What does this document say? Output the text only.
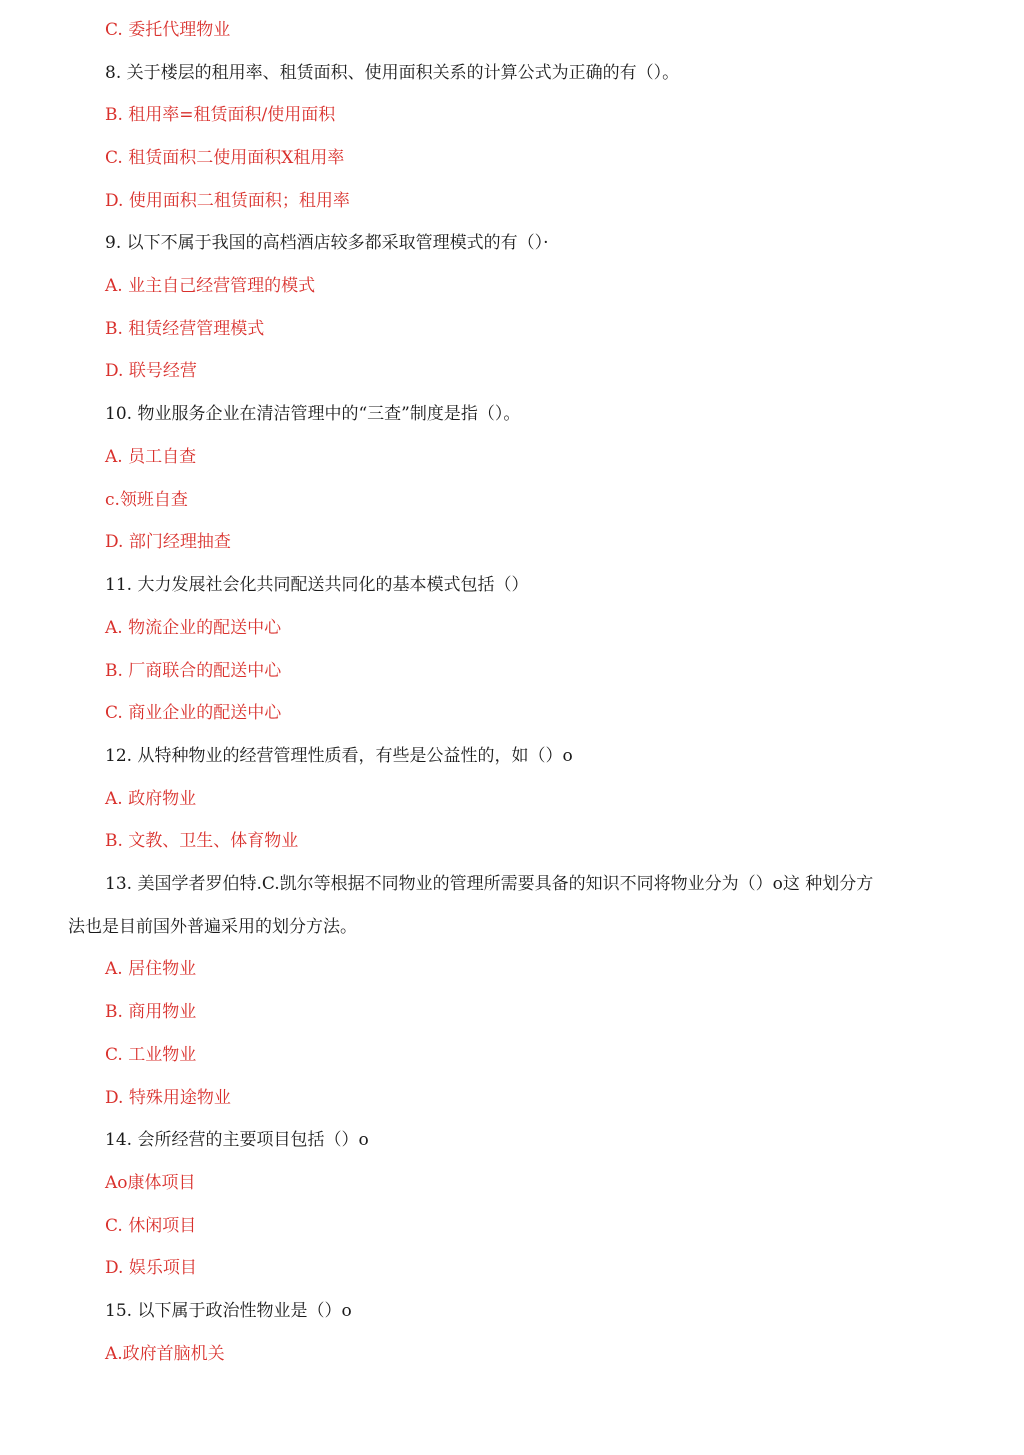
C. 委托代理物业
8. 关于楼层的租用率、租赁面积、使用面积关系的计算公式为正确的有（）。
B. 租用率=租赁面积/使用面积
C. 租赁面积二使用面积X租用率
D. 使用面积二租赁面积；租用率
9. 以下不属于我国的高档酒店较多都采取管理模式的有（）·
A. 业主自己经营管理的模式
B. 租赁经营管理模式
D. 联号经营
10. 物业服务企业在清洁管理中的“三查”制度是指（）。
A. 员工自查
c.领班自查
D. 部门经理抽查
11. 大力发展社会化共同配送共同化的基本模式包括（）
A. 物流企业的配送中心
B. 厂商联合的配送中心
C. 商业企业的配送中心
12. 从特种物业的经营管理性质看，有些是公益性的，如（）o
A. 政府物业
B. 文教、卫生、体育物业
13. 美国学者罗伯特.C.凯尔等根据不同物业的管理所需要具备的知识不同将物业分为（）o这 种划分方
法也是目前国外普遍采用的划分方法。
A. 居住物业
B. 商用物业
C. 工业物业
D. 特殊用途物业
14. 会所经营的主要项目包括（）o
Ao康体项目
C. 休闲项目
D. 娱乐项目
15. 以下属于政治性物业是（）o
A.政府首脑机关
